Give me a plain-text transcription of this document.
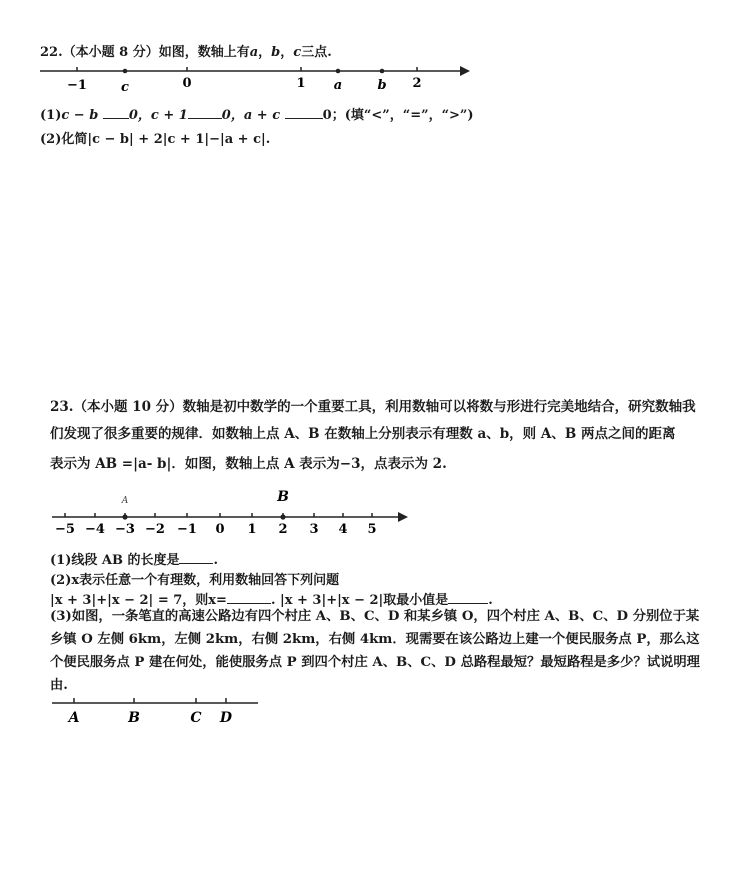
22.（本小题 8 分）如图，数轴上有a，b，c三点.
−1	c	0	1 a	b 2
(1)c − b 0，c + 1	0，a + c	0；(填“<”，“=”，“>”)
(2)化简|c − b| + 2|c + 1|−|a + c|.
23.（本小题 10 分）数轴是初中数学的一个重要工具，利用数轴可以将数与形进行完美地结合，研究数轴我们发现了很多重要的规律．如数轴上点 A、B 在数轴上分别表示有理数 a、b，则 A、B 两点之间的距离
表示为 AB =|a- b|．如图，数轴上点 A 表示为−3，点表示为 2.
B
A
−5 −4 −3 −2 −1 0 1 2 3 4 5
(1)线段 AB 的长度是	.
(2)x表示任意一个有理数，利用数轴回答下列问题
|x + 3|+|x − 2| = 7，则x=	. |x + 3|+|x − 2|取最小值是	.
(3)如图，一条笔直的高速公路边有四个村庄 A、B、C、D 和某乡镇 O，四个村庄 A、B、C、D 分别位于某乡镇 O 左侧 6km，左侧 2km，右侧 2km，右侧 4km．现需要在该公路边上建一个便民服务点 P，那么这个便民服务点 P 建在何处，能使服务点 P 到四个村庄 A、B、C、D 总路程最短？最短路程是多少？试说明理由.
A	B	C D
